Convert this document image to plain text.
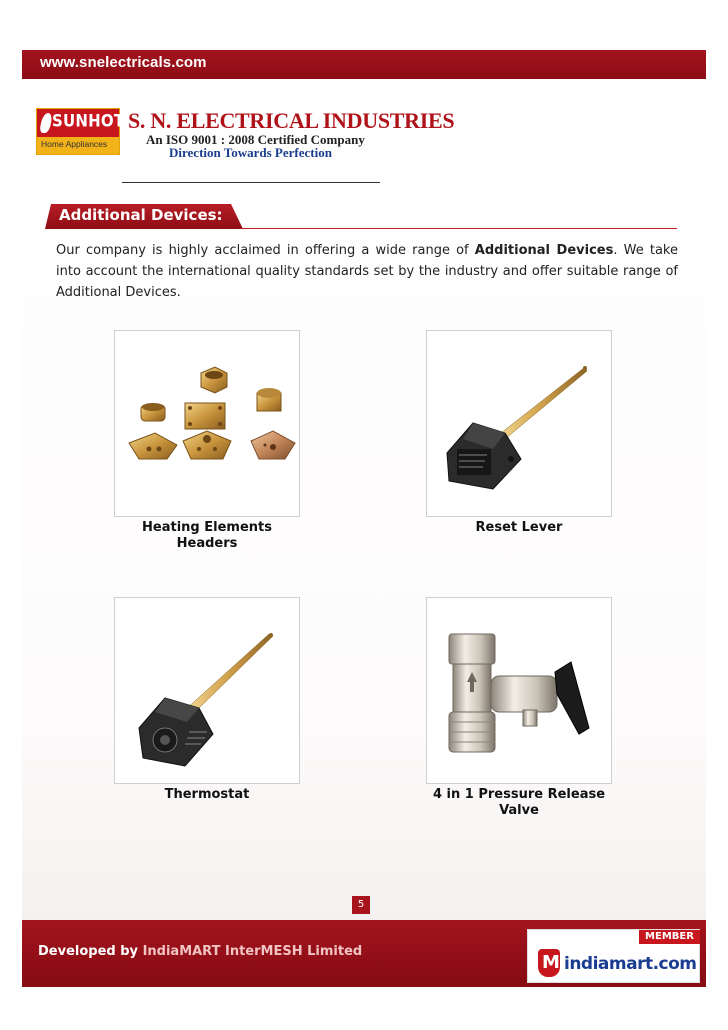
www.snelectricals.com
SUNHOT
Home Appliances
S. N. ELECTRICAL INDUSTRIES
An ISO 9001 : 2008 Certified Company
Direction Towards Perfection
Additional Devices:

Our company is highly acclaimed in offering a wide range of Additional Devices. We take into account the international quality standards set by the industry and offer suitable range of Additional Devices.

Heating Elements
Headers
Reset Lever
Thermostat	4 in 1 Pressure Release
Valve
5
Developed by IndiaMART InterMESH Limited
MEMBER
M indiamart.com
